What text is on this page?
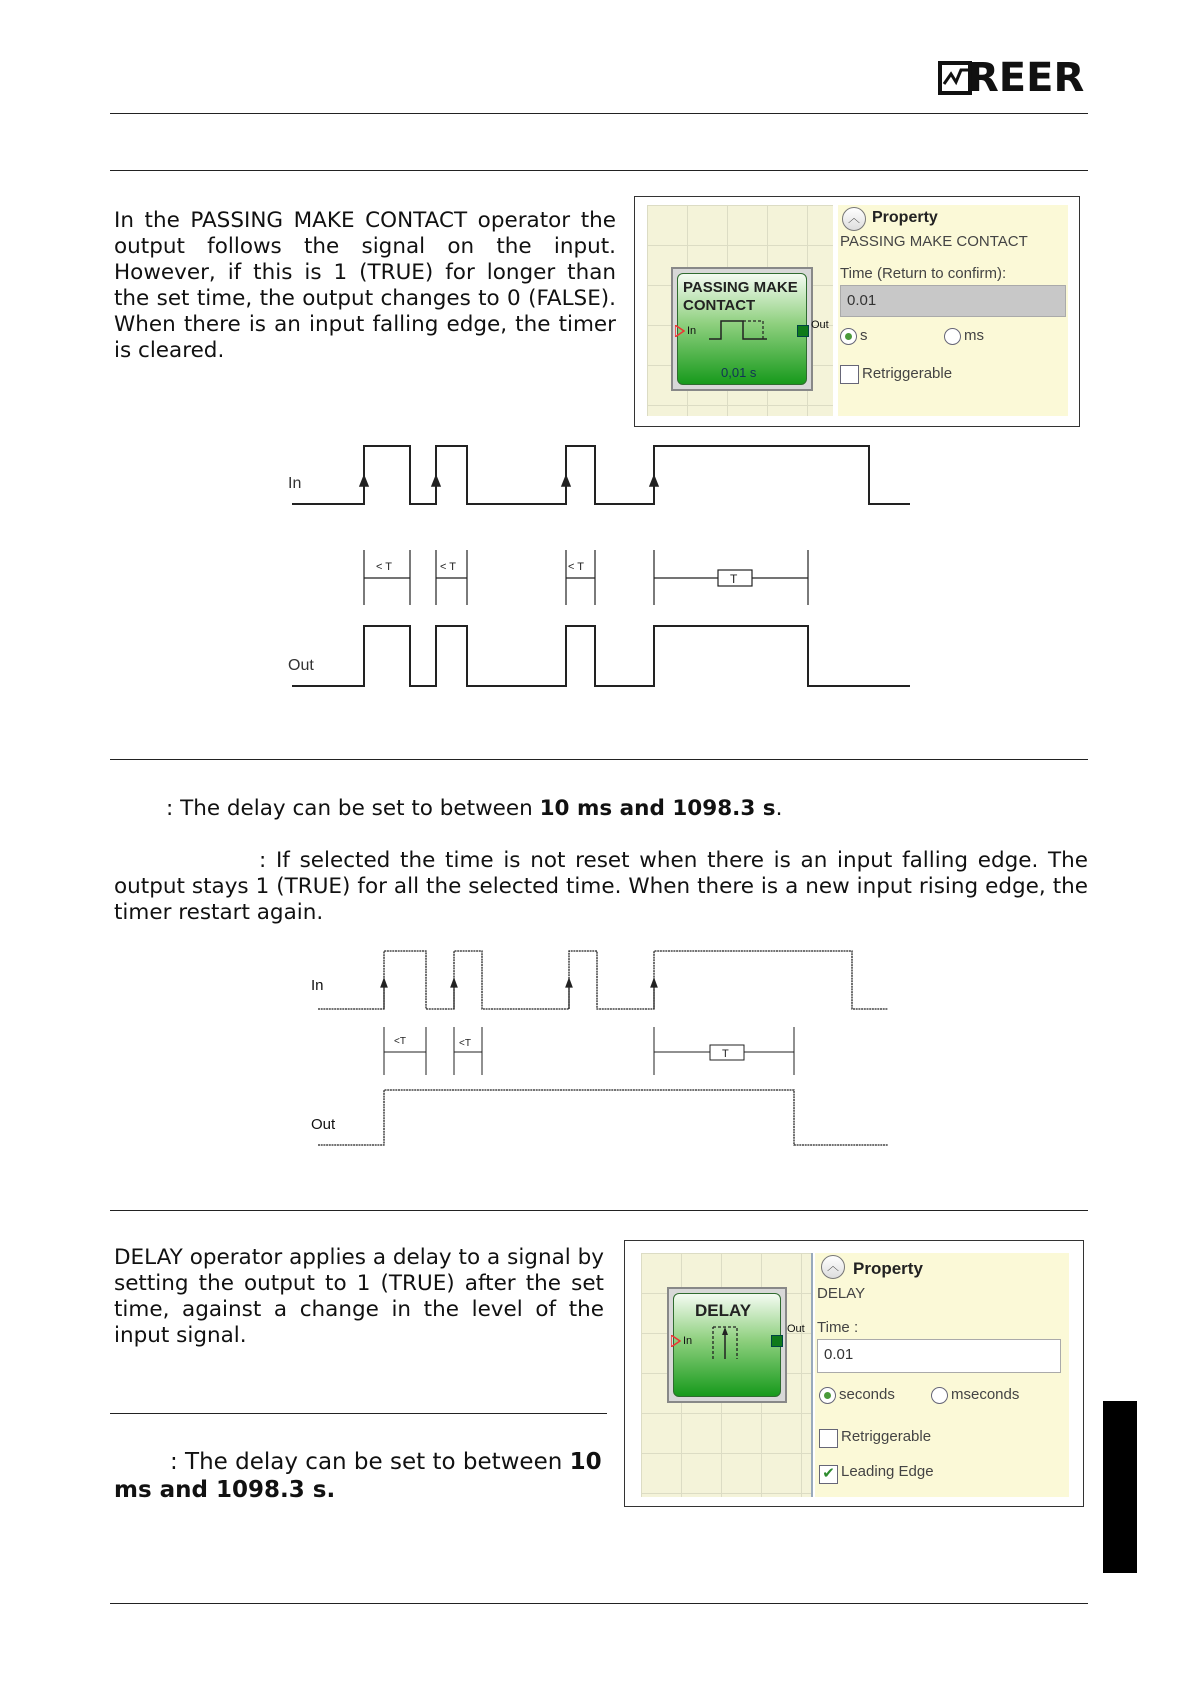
REER
In the PASSING MAKE CONTACT operator the output follows the signal on the input. However, if this is 1 (TRUE) for longer than the set time, the output changes to 0 (FALSE). When there is an input falling edge, the timer is cleared.
PASSING MAKE
CONTACT
In
0,01 s
Out
︿ Property
PASSING MAKE CONTACT
Time (Return to confirm):
0.01
s	ms
Retriggerable
In
Out
< T	< T	< T
T
: The delay can be set to between 10 ms and 1098.3 s.
: If selected the time is not reset when there is an input falling edge. The output stays 1 (TRUE) for all the selected time. When there is a new input rising edge, the timer restart again.
In
Out
<T	<T
T
DELAY operator applies a delay to a signal by setting the output to 1 (TRUE) after the set time, against a change in the level of the input signal.
: The delay can be set to between 10
ms and 1098.3 s.
DELAY
In
Out
︿ Property
DELAY
Time :
0.01
seconds	mseconds
Retriggerable
✔ Leading Edge
